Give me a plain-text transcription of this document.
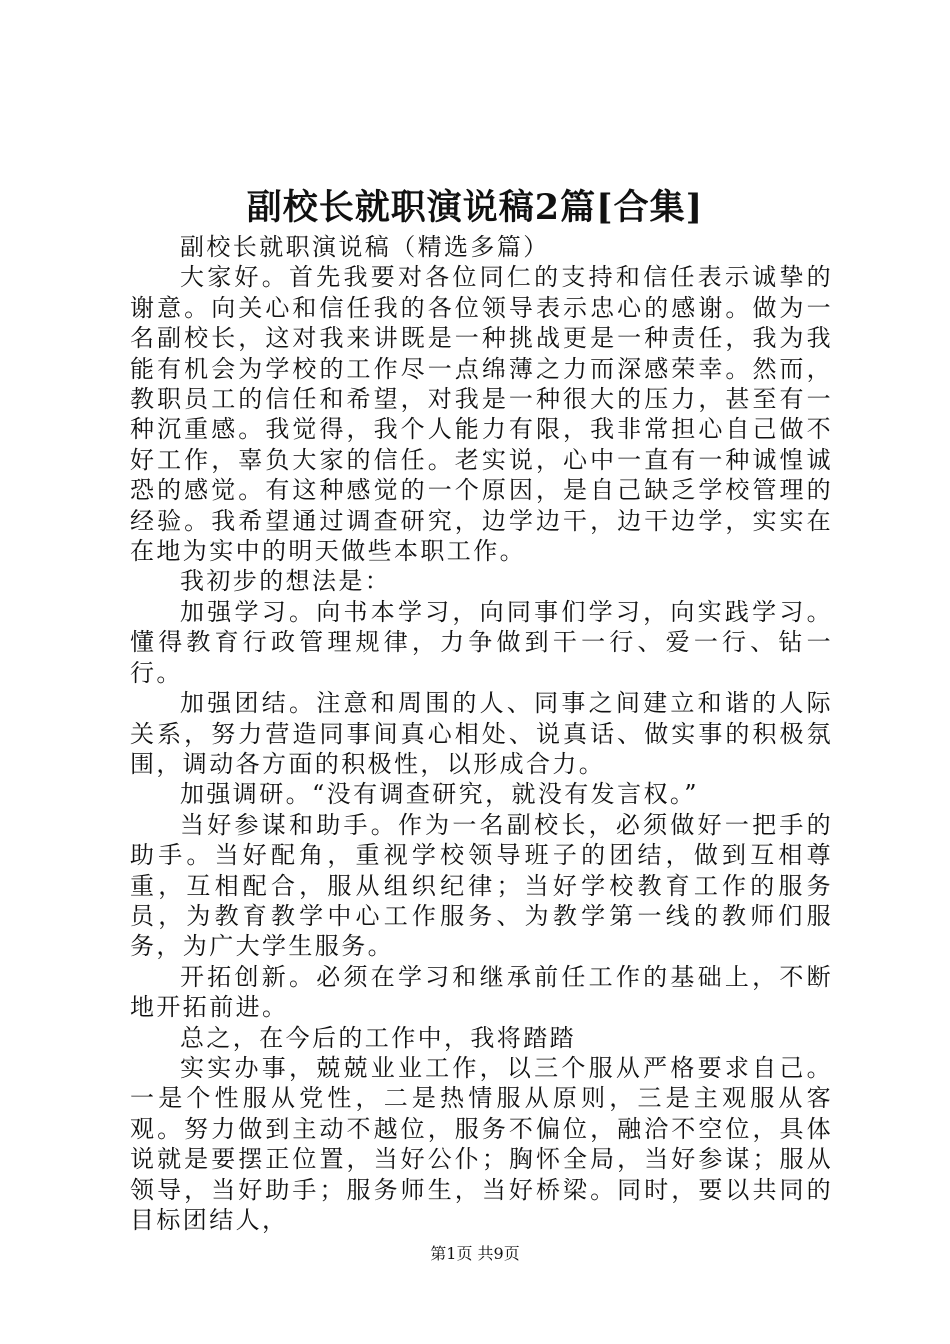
副校长就职演说稿2篇[合集]

副校长就职演说稿（精选多篇）

大家好。首先我要对各位同仁的支持和信任表示诚挚的谢意。向关心和信任我的各位领导表示忠心的感谢。做为一名副校长，这对我来讲既是一种挑战更是一种责任，我为我能有机会为学校的工作尽一点绵薄之力而深感荣幸。然而，教职员工的信任和希望，对我是一种很大的压力，甚至有一种沉重感。我觉得，我个人能力有限，我非常担心自己做不好工作，辜负大家的信任。老实说，心中一直有一种诚惶诚恐的感觉。有这种感觉的一个原因，是自己缺乏学校管理的经验。我希望通过调查研究，边学边干，边干边学，实实在在地为实中的明天做些本职工作。

我初步的想法是：

加强学习。向书本学习，向同事们学习，向实践学习。懂得教育行政管理规律，力争做到干一行、爱一行、钻一行。

加强团结。注意和周围的人、同事之间建立和谐的人际关系，努力营造同事间真心相处、说真话、做实事的积极氛围，调动各方面的积极性，以形成合力。

加强调研。“没有调查研究，就没有发言权。”

当好参谋和助手。作为一名副校长，必须做好一把手的助手。当好配角，重视学校领导班子的团结，做到互相尊重，互相配合，服从组织纪律；当好学校教育工作的服务员，为教育教学中心工作服务、为教学第一线的教师们服务，为广大学生服务。

开拓创新。必须在学习和继承前任工作的基础上，不断地开拓前进。

总之，在今后的工作中，我将踏踏

实实办事，兢兢业业工作，以三个服从严格要求自己。一是个性服从党性，二是热情服从原则，三是主观服从客观。努力做到主动不越位，服务不偏位，融洽不空位，具体说就是要摆正位置，当好公仆；胸怀全局，当好参谋；服从领导，当好助手；服务师生，当好桥梁。同时，要以共同的目标团结人，

第1页 共9页
